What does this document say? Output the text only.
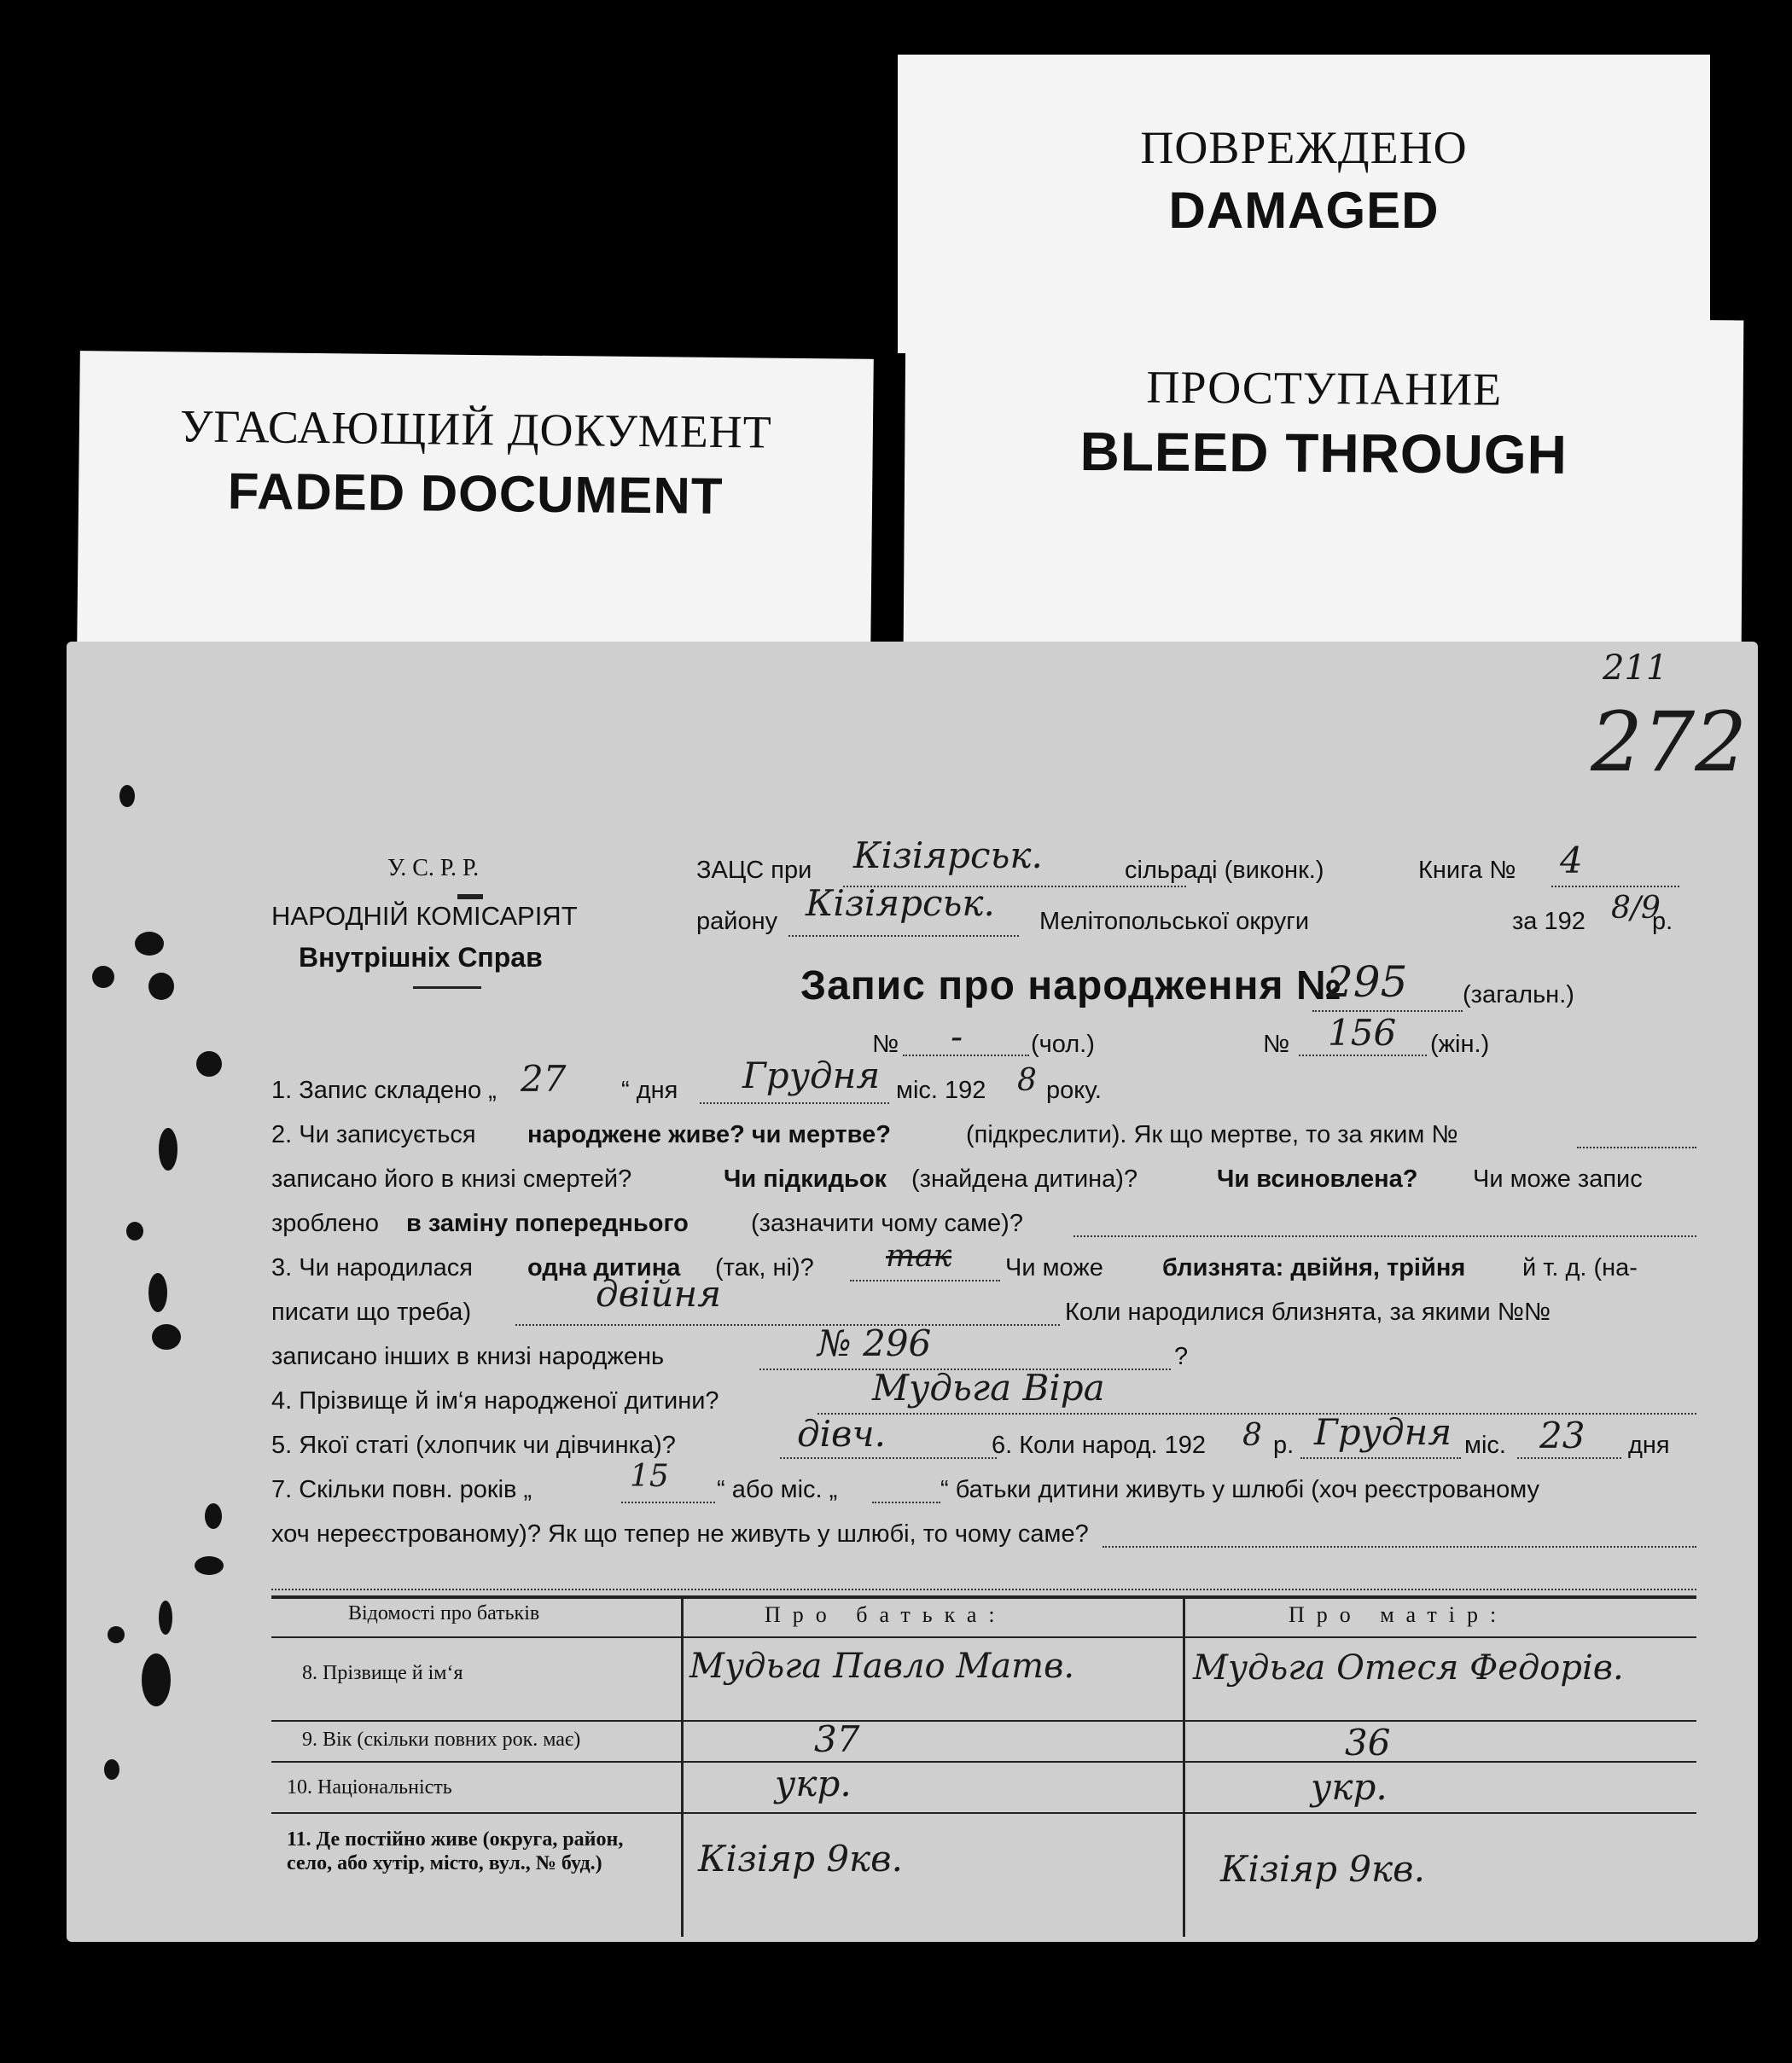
ПОВРЕЖДЕНО
DAMAGED
ПРОСТУПАНИЕ
BLEED THROUGH
УГАСАЮЩИЙ ДОКУМЕНТ
FADED DOCUMENT
211
272
У. С. Р. Р.
НАРОДНІЙ КОМІСАРІЯТ
Внутрішніх Справ
ЗАЦС при Кізіярськ.	сільраді (виконк.)	Книга № 4
району Кізіярськ. Мелітопольської округи	за 192 8/9
р.
Запис про народження №
295 (загальн.)
№ -	(чол.)	№ 156 (жін.)
1. Запис складено „ 27 “ дня Грудня міс. 192 8 року.
2. Чи записується народжене живе? чи мертве?	(підкреслити). Як що мертве, то за яким №
записано його в книзі смертей?	Чи підкидьок (знайдена дитина)?	Чи всиновлена? Чи може запис
зроблено в заміну попереднього	(зазначити чому саме)?
3. Чи народилася одна дитина (так, ні)? так Чи може близнята: двійня, трійня й т. д. (на-
писати що треба)	двійня	Коли народилися близнята, за якими №№
записано інших в книзі народжень	№ 296	?
4. Прізвище й ім‘я народженої дитини?	Мудьга Віра
5. Якої статі (хлопчик чи дівчинка)?	дівч.	6. Коли народ. 192 8 р. Грудня міс. 23 дня
7. Скільки повн. років „	15 “ або міс. „	“ батьки дитини живуть у шлюбі (хоч реєстрованому
хоч нереєстрованому)? Як що тепер не живуть у шлюбі, то чому саме?
Відомості про батьків	Про батька:	Про матір:
8. Прізвище й ім‘я	Мудьга Павло Матв.	Мудьга Отеся Федорів.
9. Вік (скільки повних рок. має)	37	36
10. Національність	укр.	укр.
11. Де постійно живе (округа, район, село, або хутір, місто, вул., № буд.)	Кізіяр 9кв.	Кізіяр 9кв.
